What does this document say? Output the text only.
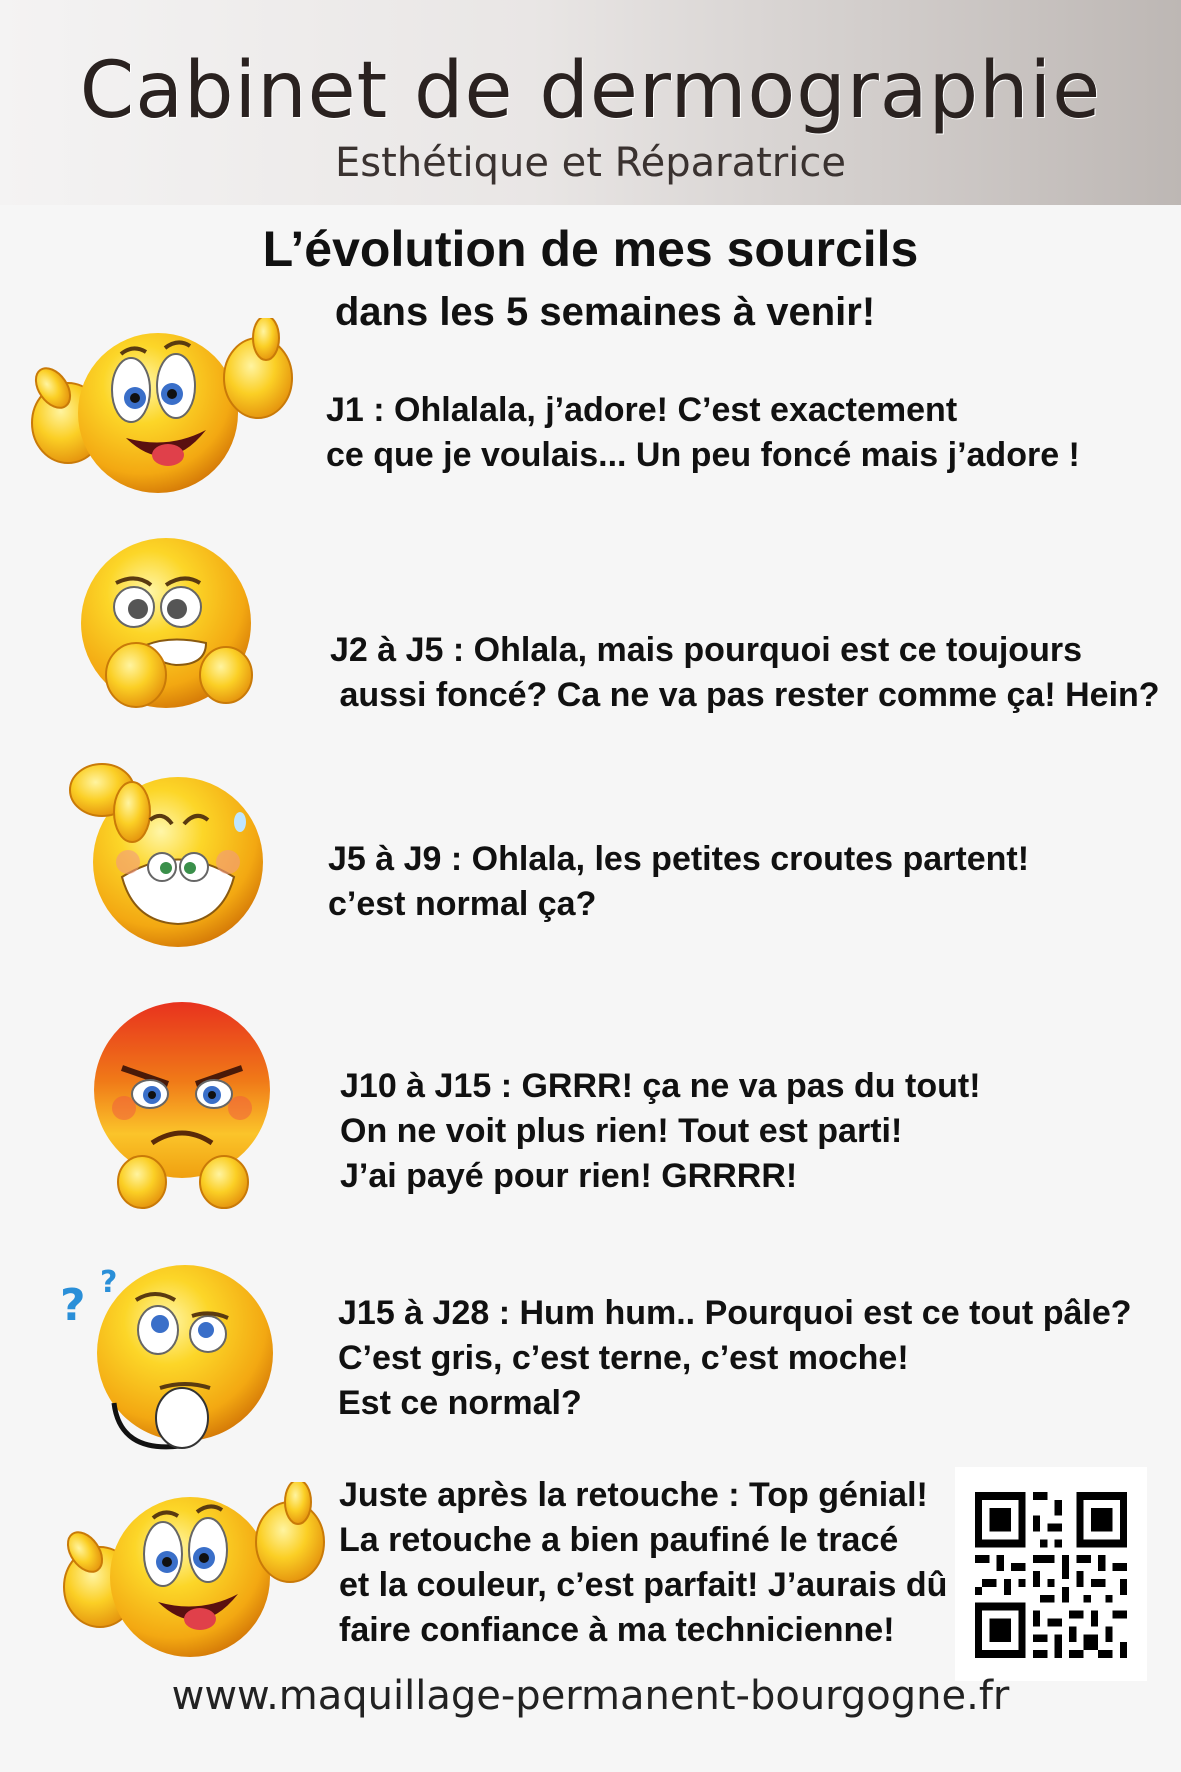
Cabinet de dermographie
Esthétique et Réparatrice
L’évolution de mes sourcils
dans les 5 semaines à venir!
J1 : Ohlalala, j’adore! C’est exactement
ce que je voulais... Un peu foncé mais j’adore !
J2 à J5 : Ohlala, mais pourquoi est ce toujours
aussi foncé? Ca ne va pas rester comme ça! Hein?
J5 à J9 : Ohlala, les petites croutes partent!
c’est normal ça?
J10 à J15 : GRRR! ça ne va pas du tout!
On ne voit plus rien! Tout est parti!
J’ai payé pour rien! GRRRR!
? ?
J15 à J28 : Hum hum.. Pourquoi est ce tout pâle?
C’est gris, c’est terne, c’est moche!
Est ce normal?
Juste après la retouche : Top génial!
La retouche a bien paufiné le tracé
et la couleur, c’est parfait! J’aurais dû
faire confiance à ma technicienne!
www.maquillage-permanent-bourgogne.fr
